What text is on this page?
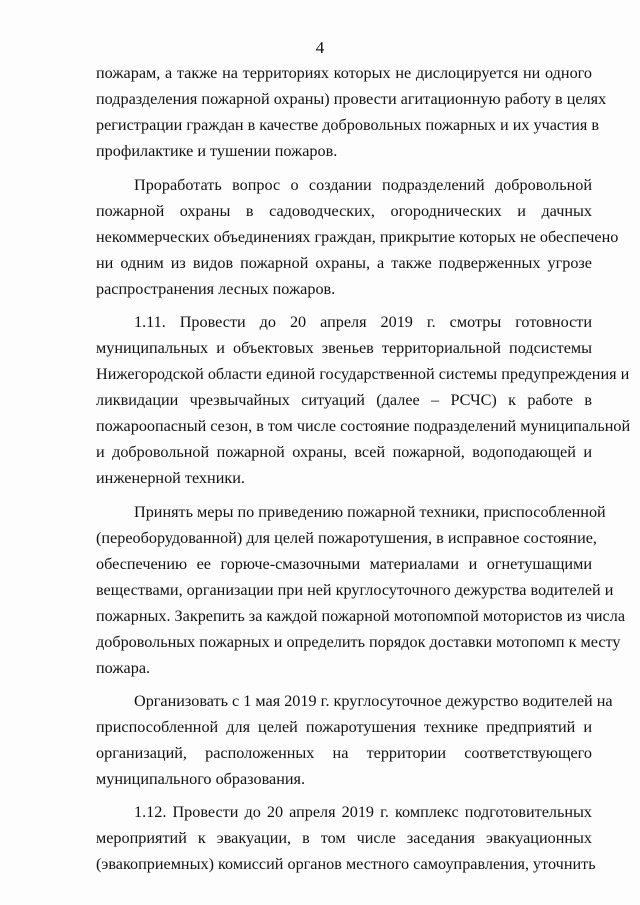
4
пожарам, а также на территориях которых не дислоцируется ни одного
подразделения пожарной охраны) провести агитационную работу в целях
регистрации граждан в качестве добровольных пожарных и их участия в
профилактике и тушении пожаров.
Проработать вопрос о создании подразделений добровольной
пожарной охраны в садоводческих, огороднических и дачных
некоммерческих объединениях граждан, прикрытие которых не обеспечено
ни одним из видов пожарной охраны, а также подверженных угрозе
распространения лесных пожаров.
1.11. Провести до 20 апреля 2019 г. смотры готовности
муниципальных и объектовых звеньев территориальной подсистемы
Нижегородской области единой государственной системы предупреждения и
ликвидации чрезвычайных ситуаций (далее – РСЧС) к работе в
пожароопасный сезон, в том числе состояние подразделений муниципальной
и добровольной пожарной охраны, всей пожарной, водоподающей и
инженерной техники.
Принять меры по приведению пожарной техники, приспособленной
(переоборудованной) для целей пожаротушения, в исправное состояние,
обеспечению ее горюче-смазочными материалами и огнетушащими
веществами, организации при ней круглосуточного дежурства водителей и
пожарных. Закрепить за каждой пожарной мотопомпой мотористов из числа
добровольных пожарных и определить порядок доставки мотопомп к месту
пожара.
Организовать с 1 мая 2019 г. круглосуточное дежурство водителей на
приспособленной для целей пожаротушения технике предприятий и
организаций, расположенных на территории соответствующего
муниципального образования.
1.12. Провести до 20 апреля 2019 г. комплекс подготовительных
мероприятий к эвакуации, в том числе заседания эвакуационных
(эвакоприемных) комиссий органов местного самоуправления, уточнить
